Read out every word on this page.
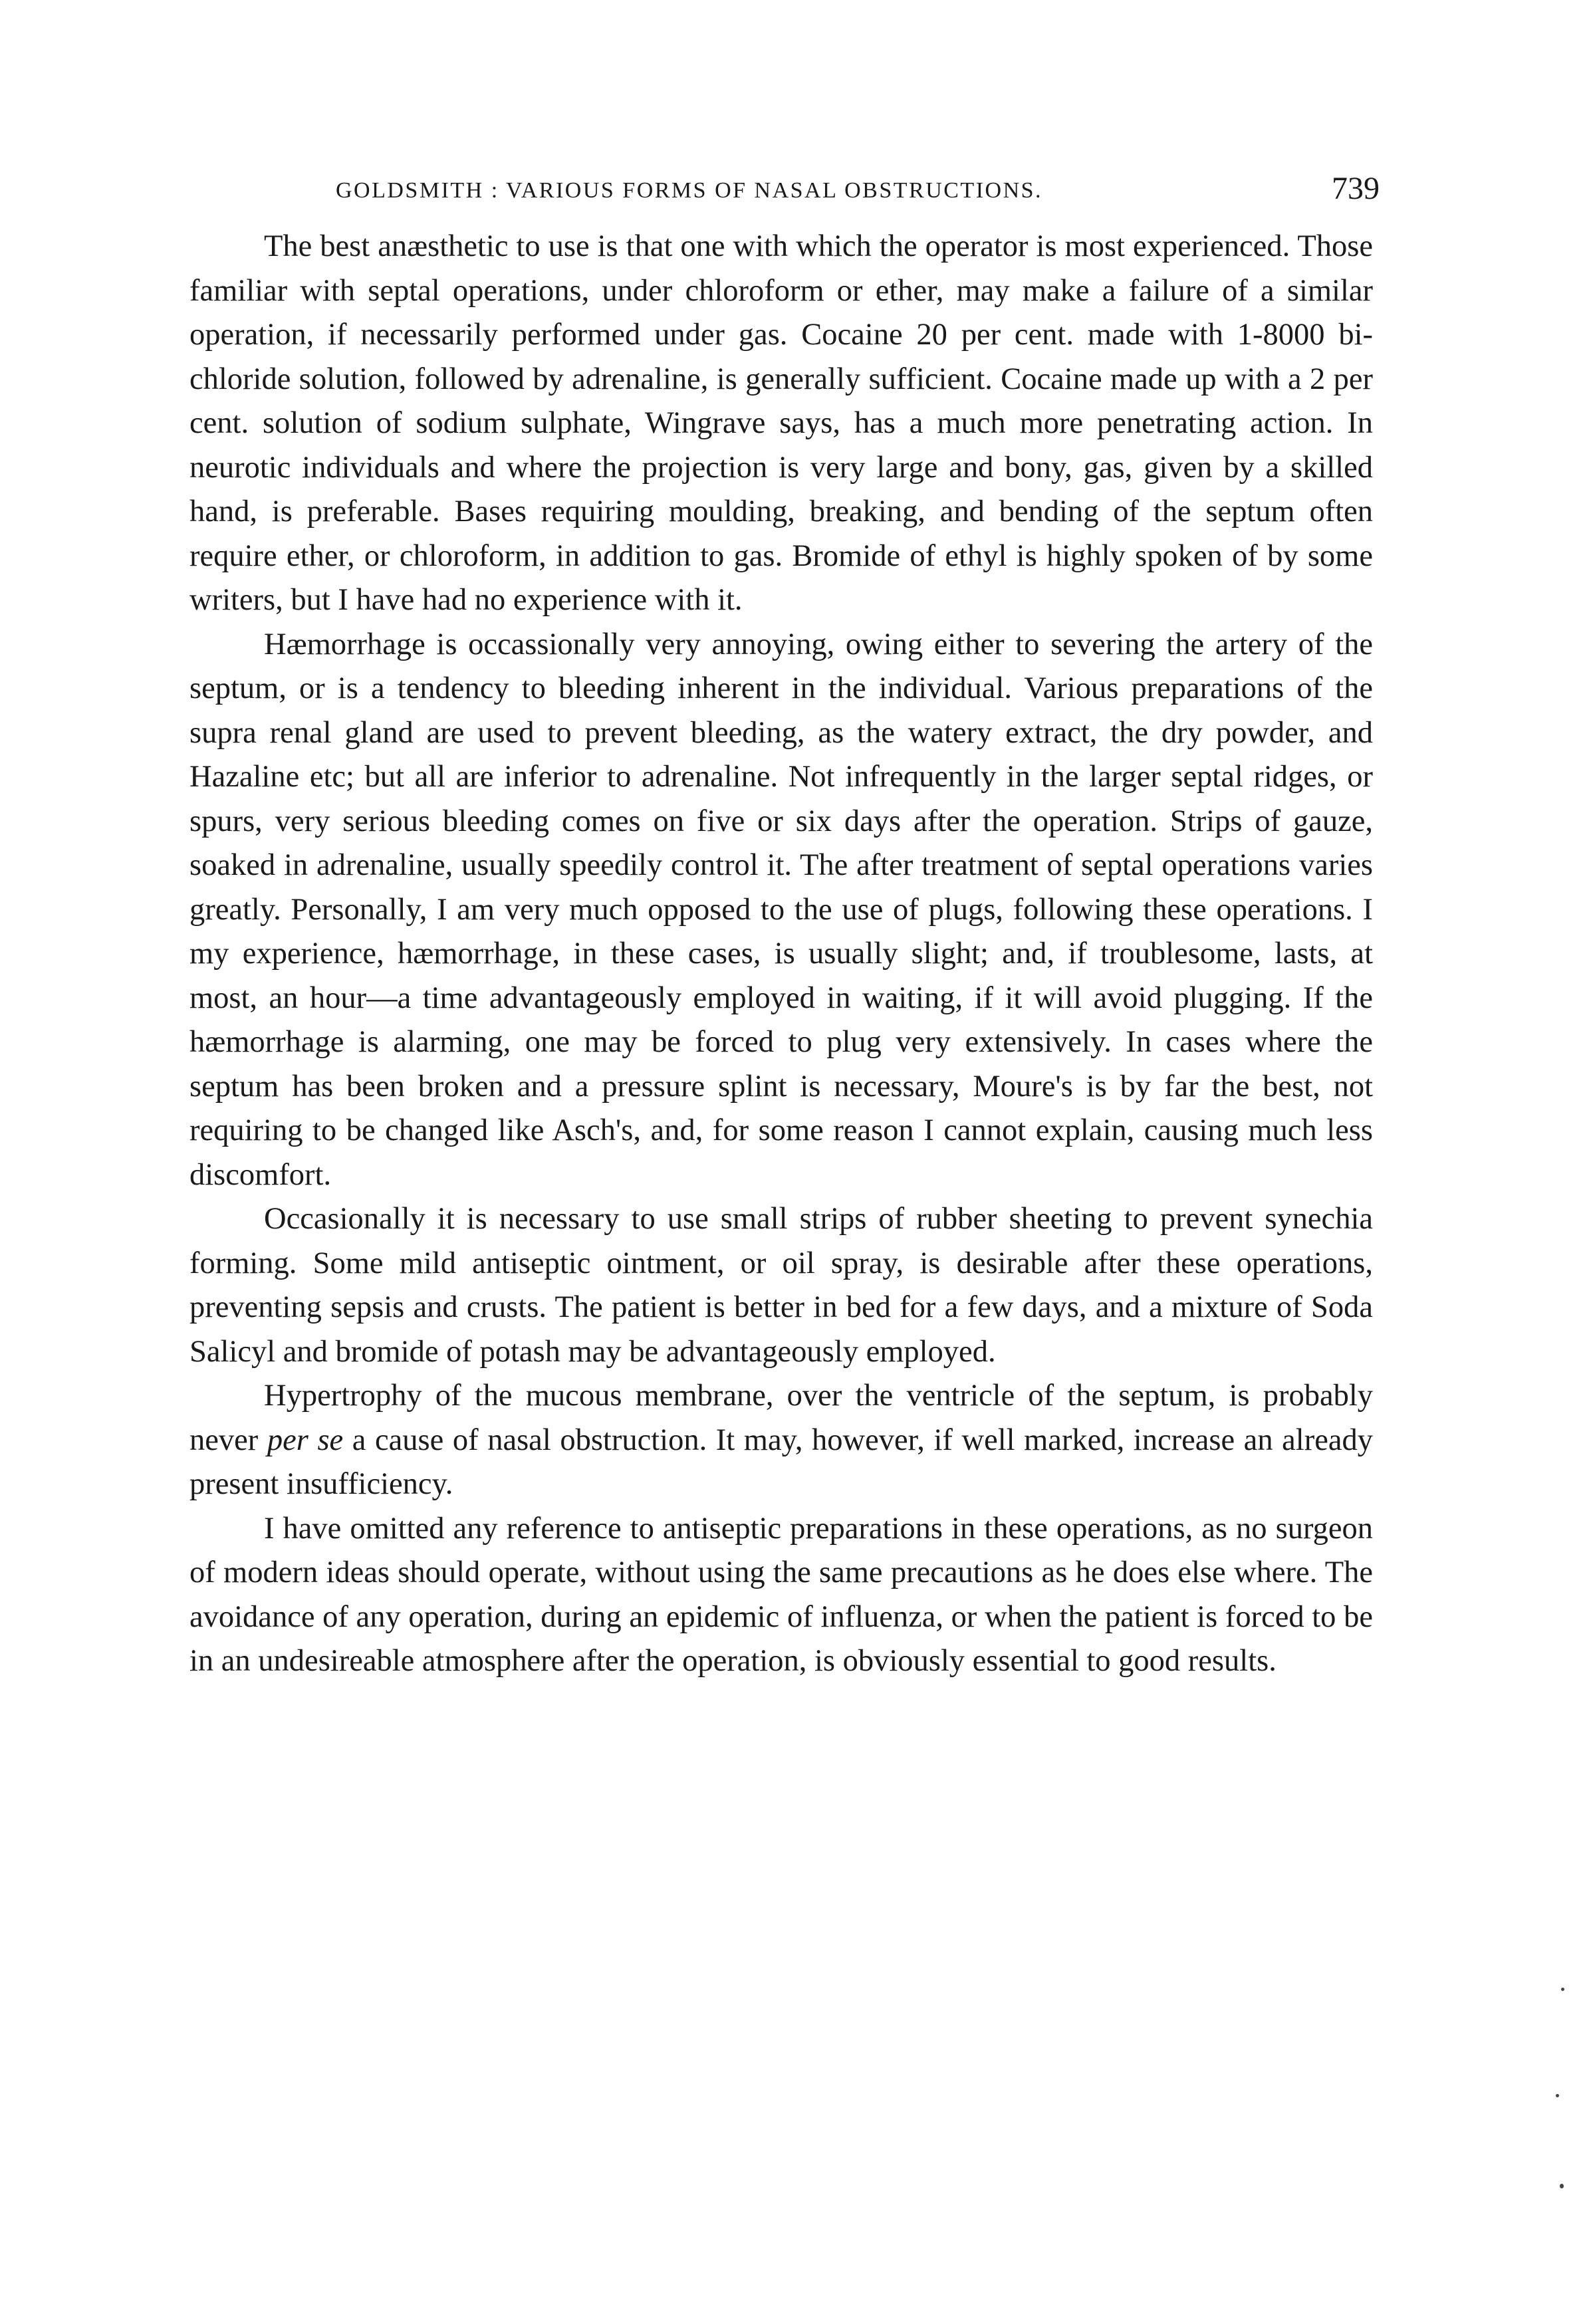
GOLDSMITH : VARIOUS FORMS OF NASAL OBSTRUCTIONS.	739

The best anæsthetic to use is that one with which the operator is most experienced. Those familiar with septal operations, under chloroform or ether, may make a failure of a similar operation, if necessarily performed under gas. Cocaine 20 per cent. made with 1-8000 bi-chloride solution, followed by adrenaline, is generally sufficient. Cocaine made up with a 2 per cent. solution of sodium sulphate, Wingrave says, has a much more penetrating action. In neurotic individuals and where the projection is very large and bony, gas, given by a skilled hand, is preferable. Bases requiring moulding, breaking, and bending of the septum often require ether, or chloroform, in addition to gas. Bromide of ethyl is highly spoken of by some writers, but I have had no experience with it.

Hæmorrhage is occassionally very annoying, owing either to severing the artery of the septum, or is a tendency to bleeding inherent in the individual. Various preparations of the supra renal gland are used to prevent bleeding, as the watery extract, the dry powder, and Hazaline etc; but all are inferior to adrenaline. Not infrequently in the larger septal ridges, or spurs, very serious bleeding comes on five or six days after the operation. Strips of gauze, soaked in adrenaline, usually speedily control it. The after treatment of septal operations varies greatly. Personally, I am very much opposed to the use of plugs, following these operations. I my experience, hæmorrhage, in these cases, is usually slight; and, if troublesome, lasts, at most, an hour—a time advantageously employed in waiting, if it will avoid plugging. If the hæmorrhage is alarming, one may be forced to plug very extensively. In cases where the septum has been broken and a pressure splint is necessary, Moure's is by far the best, not requiring to be changed like Asch's, and, for some reason I cannot explain, causing much less discomfort.

Occasionally it is necessary to use small strips of rubber sheeting to prevent synechia forming. Some mild antiseptic ointment, or oil spray, is desirable after these operations, preventing sepsis and crusts. The patient is better in bed for a few days, and a mixture of Soda Salicyl and bromide of potash may be advantageously employed.

Hypertrophy of the mucous membrane, over the ventricle of the septum, is probably never per se a cause of nasal obstruction. It may, however, if well marked, increase an already present insufficiency.

I have omitted any reference to antiseptic preparations in these operations, as no surgeon of modern ideas should operate, without using the same precautions as he does else where. The avoidance of any operation, during an epidemic of influenza, or when the patient is forced to be in an undesireable atmosphere after the operation, is obviously essential to good results.
